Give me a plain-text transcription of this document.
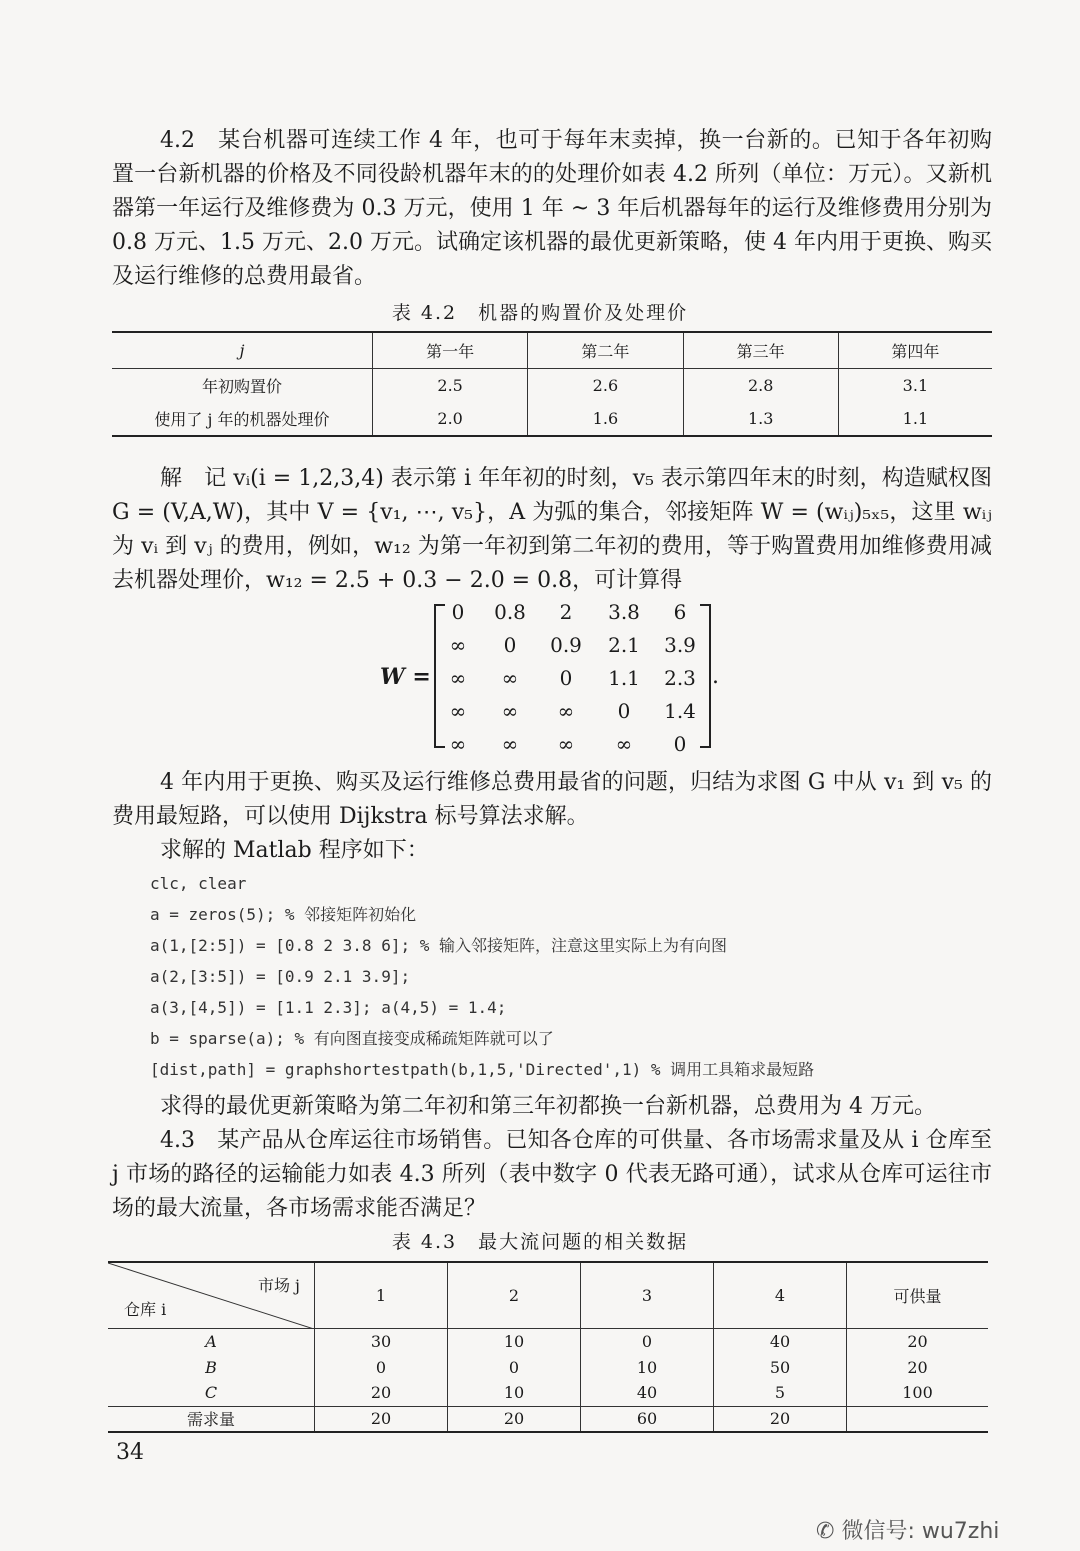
4.2　某台机器可连续工作 4 年，也可于每年末卖掉，换一台新的。已知于各年初购置一台新机器的价格及不同役龄机器年末的的处理价如表 4.2 所列（单位：万元）。又新机器第一年运行及维修费为 0.3 万元，使用 1 年 ~ 3 年后机器每年的运行及维修费用分别为 0.8 万元、1.5 万元、2.0 万元。试确定该机器的最优更新策略，使 4 年内用于更换、购买及运行维修的总费用最省。

表 4.2　机器的购置价及处理价
j	第一年	第二年	第三年	第四年
年初购置价	2.5	2.6	2.8	3.1
使用了 j 年的机器处理价	2.0	1.6	1.3	1.1

解　记 vᵢ(i = 1,2,3,4) 表示第 i 年年初的时刻，v₅ 表示第四年末的时刻，构造赋权图 G = (V,A,W)，其中 V = {v₁, ⋯, v₅}，A 为弧的集合，邻接矩阵 W = (wᵢⱼ)₅ₓ₅，这里 wᵢⱼ 为 vᵢ 到 vⱼ 的费用，例如，w₁₂ 为第一年初到第二年初的费用，等于购置费用加维修费用减去机器处理价，w₁₂ = 2.5 + 0.3 − 2.0 = 0.8，可计算得

W =
0	0.8	2	3.8	6
∞	0	0.9	2.1	3.9
∞	∞	0	1.1	2.3
∞	∞	∞	0	1.4
∞	∞	∞	∞	0
.

4 年内用于更换、购买及运行维修总费用最省的问题，归结为求图 G 中从 v₁ 到 v₅ 的费用最短路，可以使用 Dijkstra 标号算法求解。

求解的 Matlab 程序如下：

clc, clear
a = zeros(5); % 邻接矩阵初始化
a(1,[2:5]) = [0.8 2 3.8 6]; % 输入邻接矩阵，注意这里实际上为有向图
a(2,[3:5]) = [0.9 2.1 3.9];
a(3,[4,5]) = [1.1 2.3]; a(4,5) = 1.4;
b = sparse(a); % 有向图直接变成稀疏矩阵就可以了
[dist,path] = graphshortestpath(b,1,5,'Directed',1) % 调用工具箱求最短路

求得的最优更新策略为第二年初和第三年初都换一台新机器，总费用为 4 万元。

4.3　某产品从仓库运往市场销售。已知各仓库的可供量、各市场需求量及从 i 仓库至 j 市场的路径的运输能力如表 4.3 所列（表中数字 0 代表无路可通），试求从仓库可运往市场的最大流量，各市场需求能否满足？

表 4.3　最大流问题的相关数据
市场 j
仓库 i	1	2	3	4	可供量
A	30	10	0	40	20
B	0	0	10	50	20
C	20	10	40	5	100
需求量	20	20	60	20	
34
✆ 微信号: wu7zhi
